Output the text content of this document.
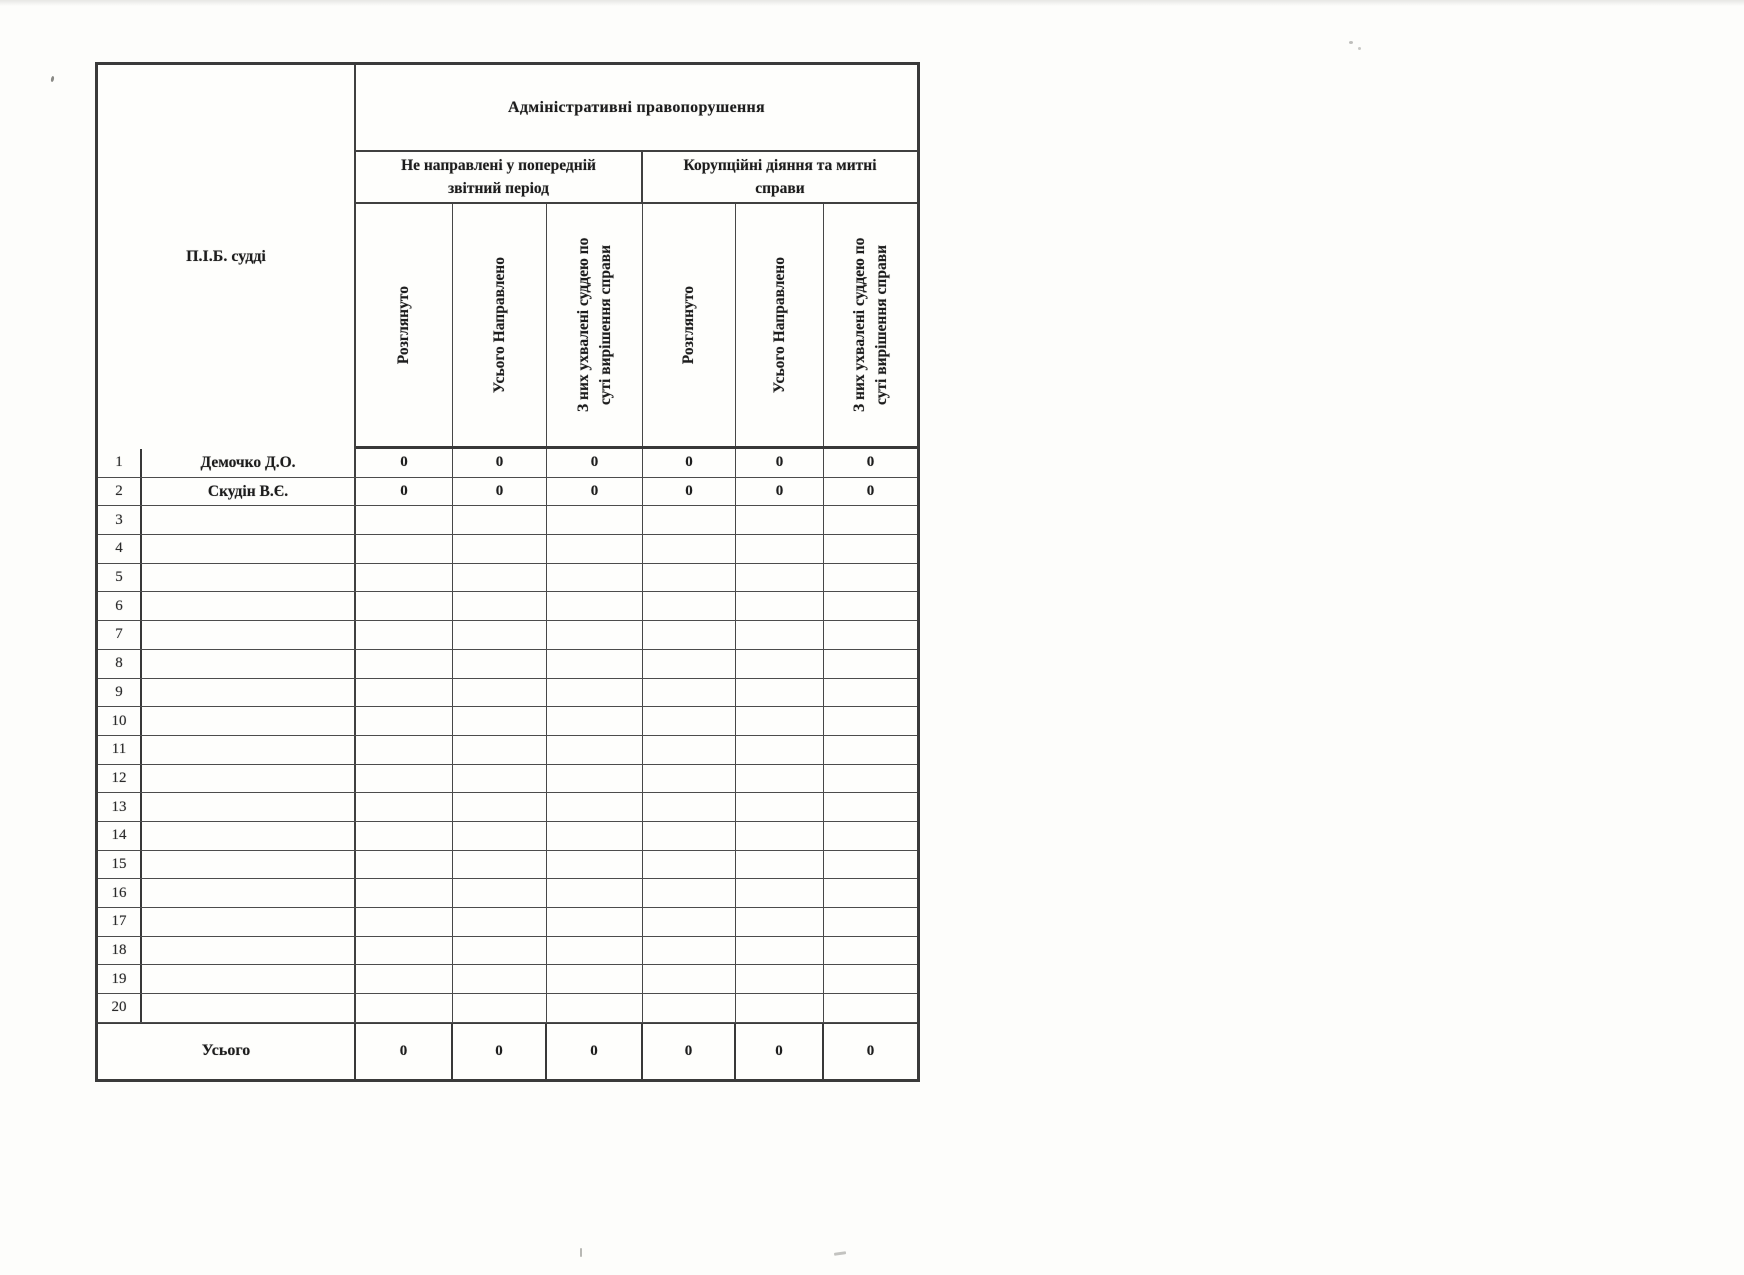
П.І.Б. судді
Адміністративні правопорушення
Не направлені у попередній звітний період
Корупційні діяння та митні справи
Розглянуто	Усього Направлено	З них ухвалені суддею по суті вирішення справи	Розглянуто	Усього Направлено	З них ухвалені суддею по суті вирішення справи
1	Демочко Д.О.	0	0	0	0	0	0
2	Скудін В.Є.	0	0	0	0	0	0
3
4
5
6
7
8
9
10
11
12
13
14
15
16
17
18
19
20
Усього	0	0	0	0	0	0
